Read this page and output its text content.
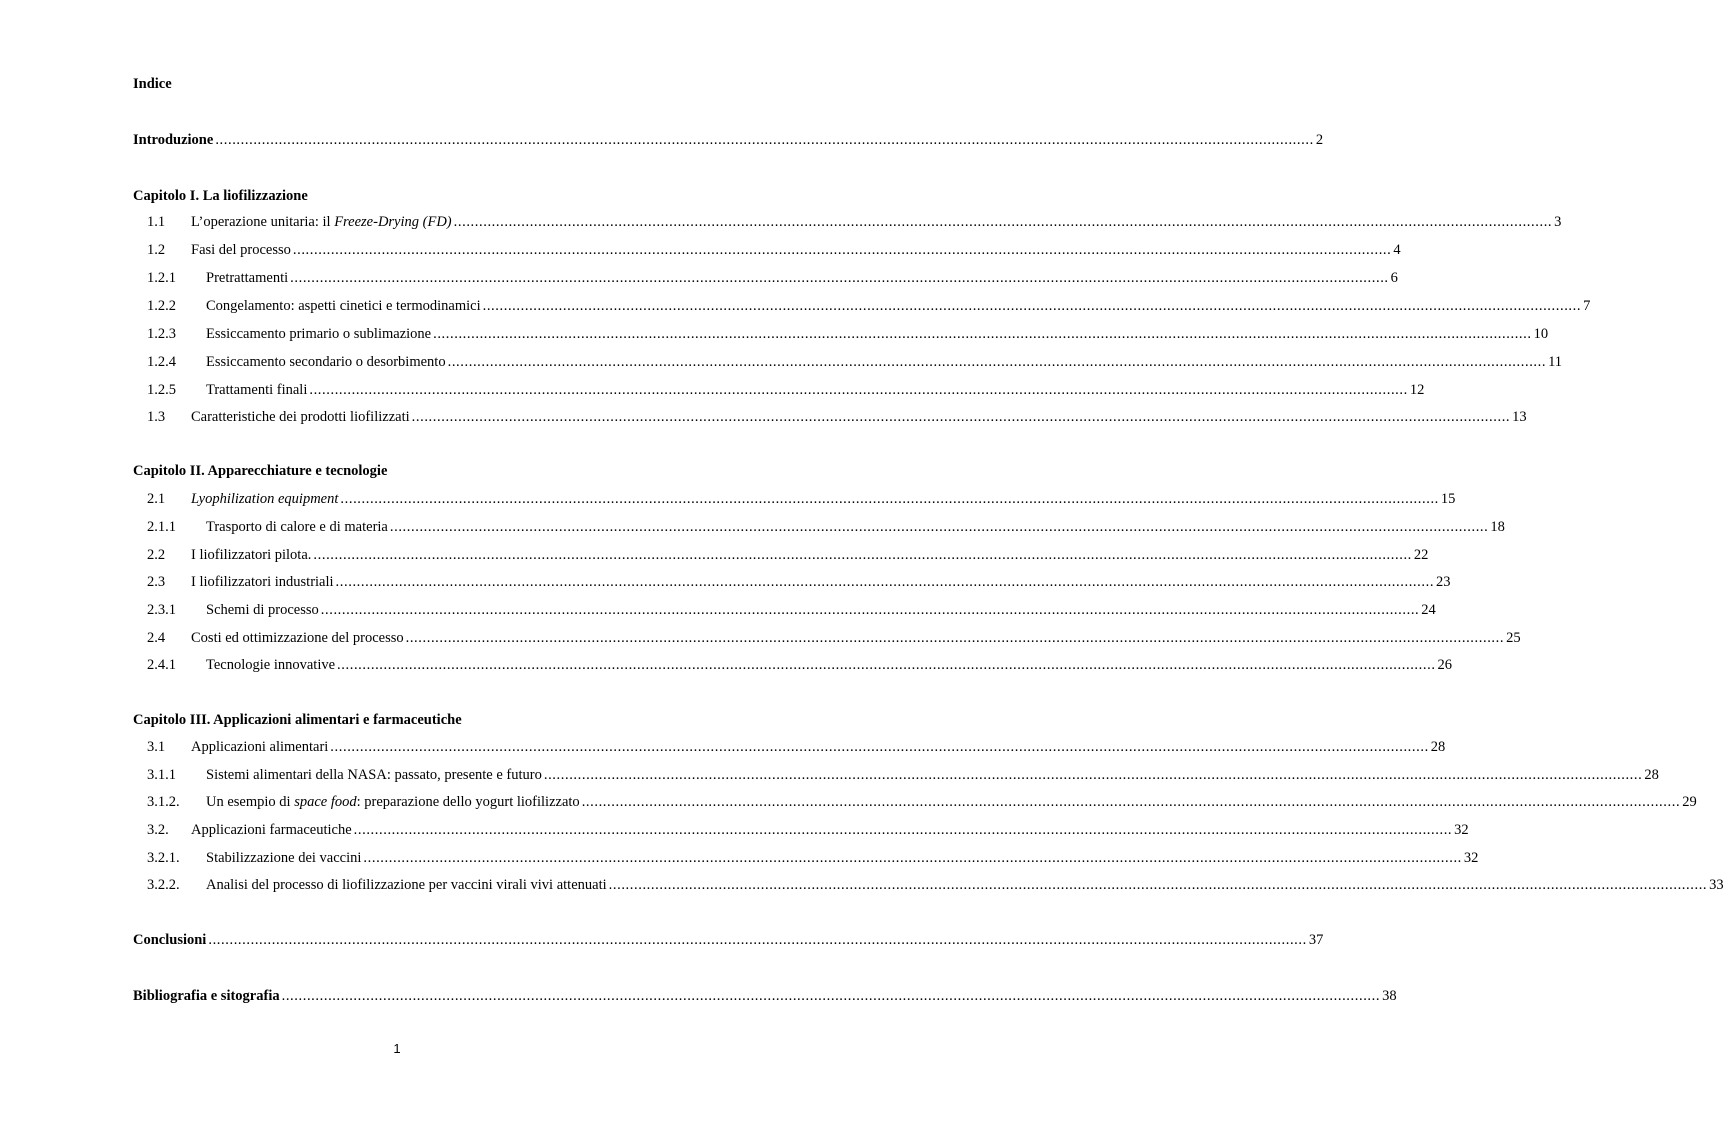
Indice
Introduzione .....	2
Capitolo I. La liofilizzazione
1.1	L’operazione unitaria: il Freeze-Drying (FD) .....	3
1.2	Fasi del processo .....	4
1.2.1	Pretrattamenti .....	6
1.2.2	Congelamento: aspetti cinetici e termodinamici .....	7
1.2.3	Essiccamento primario o sublimazione .....	10
1.2.4	Essiccamento secondario o desorbimento .....	11
1.2.5	Trattamenti finali .....	12
1.3	Caratteristiche dei prodotti liofilizzati .....	13
Capitolo II. Apparecchiature e tecnologie
2.1	Lyophilization equipment .....	15
2.1.1	Trasporto di calore e di materia .....	18
2.2	I liofilizzatori pilota. .....	22
2.3	I liofilizzatori industriali .....	23
2.3.1	Schemi di processo .....	24
2.4	Costi ed ottimizzazione del processo .....	25
2.4.1	Tecnologie innovative .....	26
Capitolo III. Applicazioni alimentari e farmaceutiche
3.1	Applicazioni alimentari .....	28
3.1.1	Sistemi alimentari della NASA: passato, presente e futuro .....	28
3.1.2.	Un esempio di space food: preparazione dello yogurt liofilizzato .....	29
3.2.	Applicazioni farmaceutiche .....	32
3.2.1.	Stabilizzazione dei vaccini .....	32
3.2.2.	Analisi del processo di liofilizzazione per vaccini virali vivi attenuati .....	33
Conclusioni .....	37
Bibliografia e sitografia .....	38
1
